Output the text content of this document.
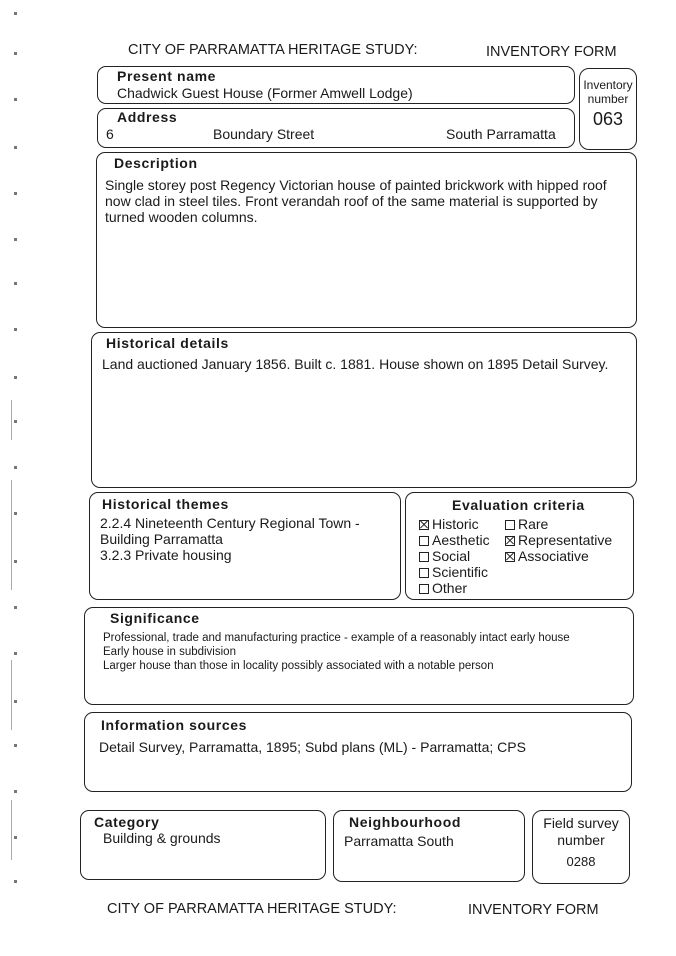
CITY OF PARRAMATTA HERITAGE STUDY:	INVENTORY FORM
Present name
Chadwick Guest House (Former Amwell Lodge)	Inventory
number
063
Address
6	Boundary Street	South Parramatta
Description
Single storey post Regency Victorian house of painted brickwork with hipped roof
now clad in steel tiles. Front verandah roof of the same material is supported by
turned wooden columns.
Historical details
Land auctioned January 1856. Built c. 1881. House shown on 1895 Detail Survey.
Historical themes
2.2.4 Nineteenth Century Regional Town -
Building Parramatta
3.2.3 Private housing
Evaluation criteria
Historic	Rare
Aesthetic	Representative
Social	Associative
Scientific
Other
Significance
Professional, trade and manufacturing practice - example of a reasonably intact early house
Early house in subdivision
Larger house than those in locality possibly associated with a notable person
Information sources
Detail Survey, Parramatta, 1895; Subd plans (ML) - Parramatta; CPS
Category
Building & grounds
Neighbourhood
Parramatta South
Field survey
number
0288
CITY OF PARRAMATTA HERITAGE STUDY:	INVENTORY FORM
